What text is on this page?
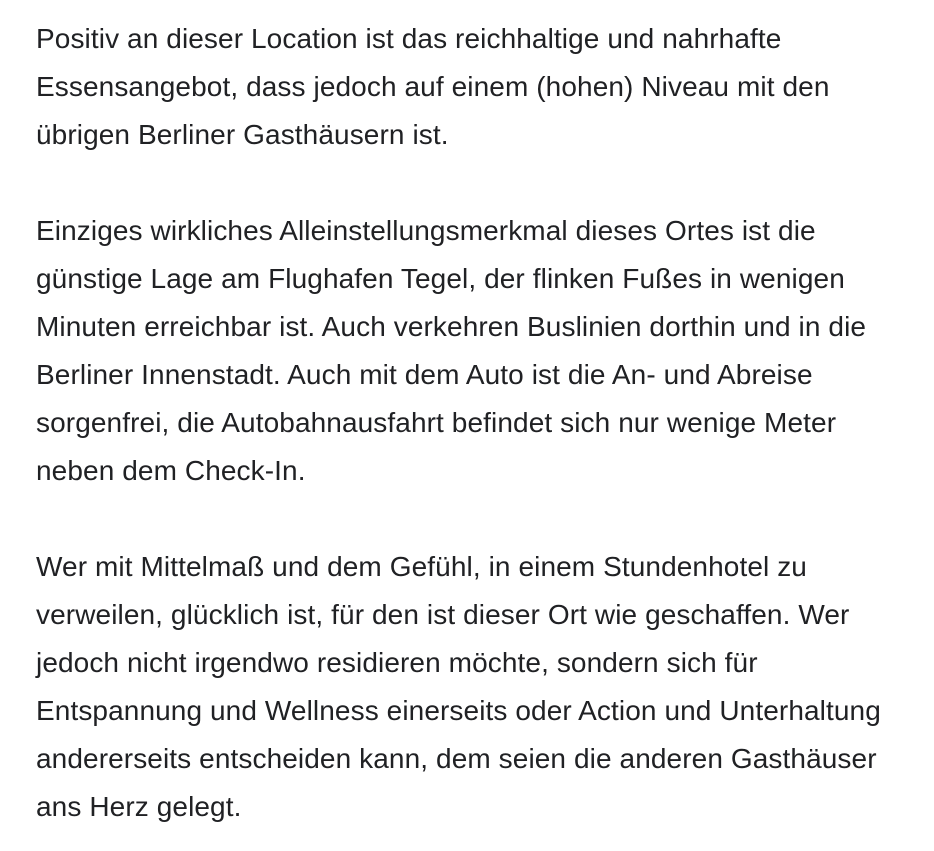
Positiv an dieser Location ist das reichhaltige und nahrhafte Essensangebot, dass jedoch auf einem (hohen) Niveau mit den übrigen Berliner Gasthäusern ist.

Einziges wirkliches Alleinstellungsmerkmal dieses Ortes ist die günstige Lage am Flughafen Tegel, der flinken Fußes in wenigen Minuten erreichbar ist. Auch verkehren Buslinien dorthin und in die Berliner Innenstadt. Auch mit dem Auto ist die An- und Abreise sorgenfrei, die Autobahnausfahrt befindet sich nur wenige Meter neben dem Check-In.

Wer mit Mittelmaß und dem Gefühl, in einem Stundenhotel zu verweilen, glücklich ist, für den ist dieser Ort wie geschaffen. Wer jedoch nicht irgendwo residieren möchte, sondern sich für Entspannung und Wellness einerseits oder Action und Unterhaltung andererseits entscheiden kann, dem seien die anderen Gasthäuser ans Herz gelegt.
